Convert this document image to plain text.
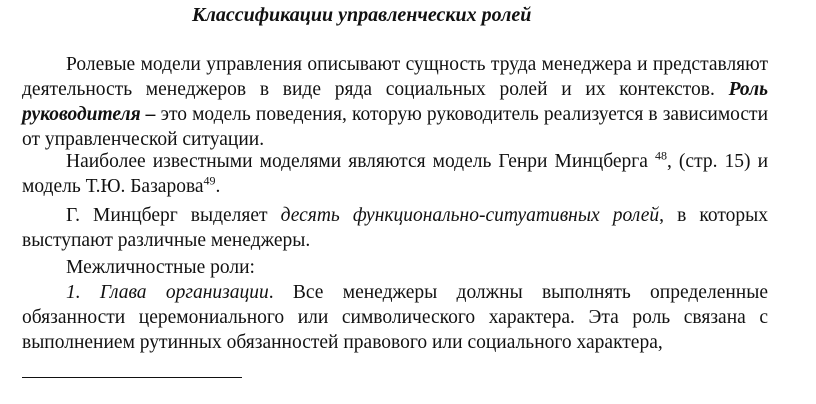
Классификации управленческих ролей

Ролевые модели управления описывают сущность труда менеджера и представляют деятельность менеджеров в виде ряда социальных ролей и их контекстов. Роль руководителя – это модель поведения, которую руководитель реализуется в зависимости от управленческой ситуации.

Наиболее известными моделями являются модель Генри Минцберга $^{48}$, (стр. 15) и модель Т.Ю. Базарова$^{49}$.

Г. Минцберг выделяет десять функционально-ситуативных ролей, в которых выступают различные менеджеры.

Межличностные роли:

1. Глава организации. Все менеджеры должны выполнять определенные обязанности церемониального или символического характера. Эта роль связана с выполнением рутинных обязанностей правового или социального характера,
